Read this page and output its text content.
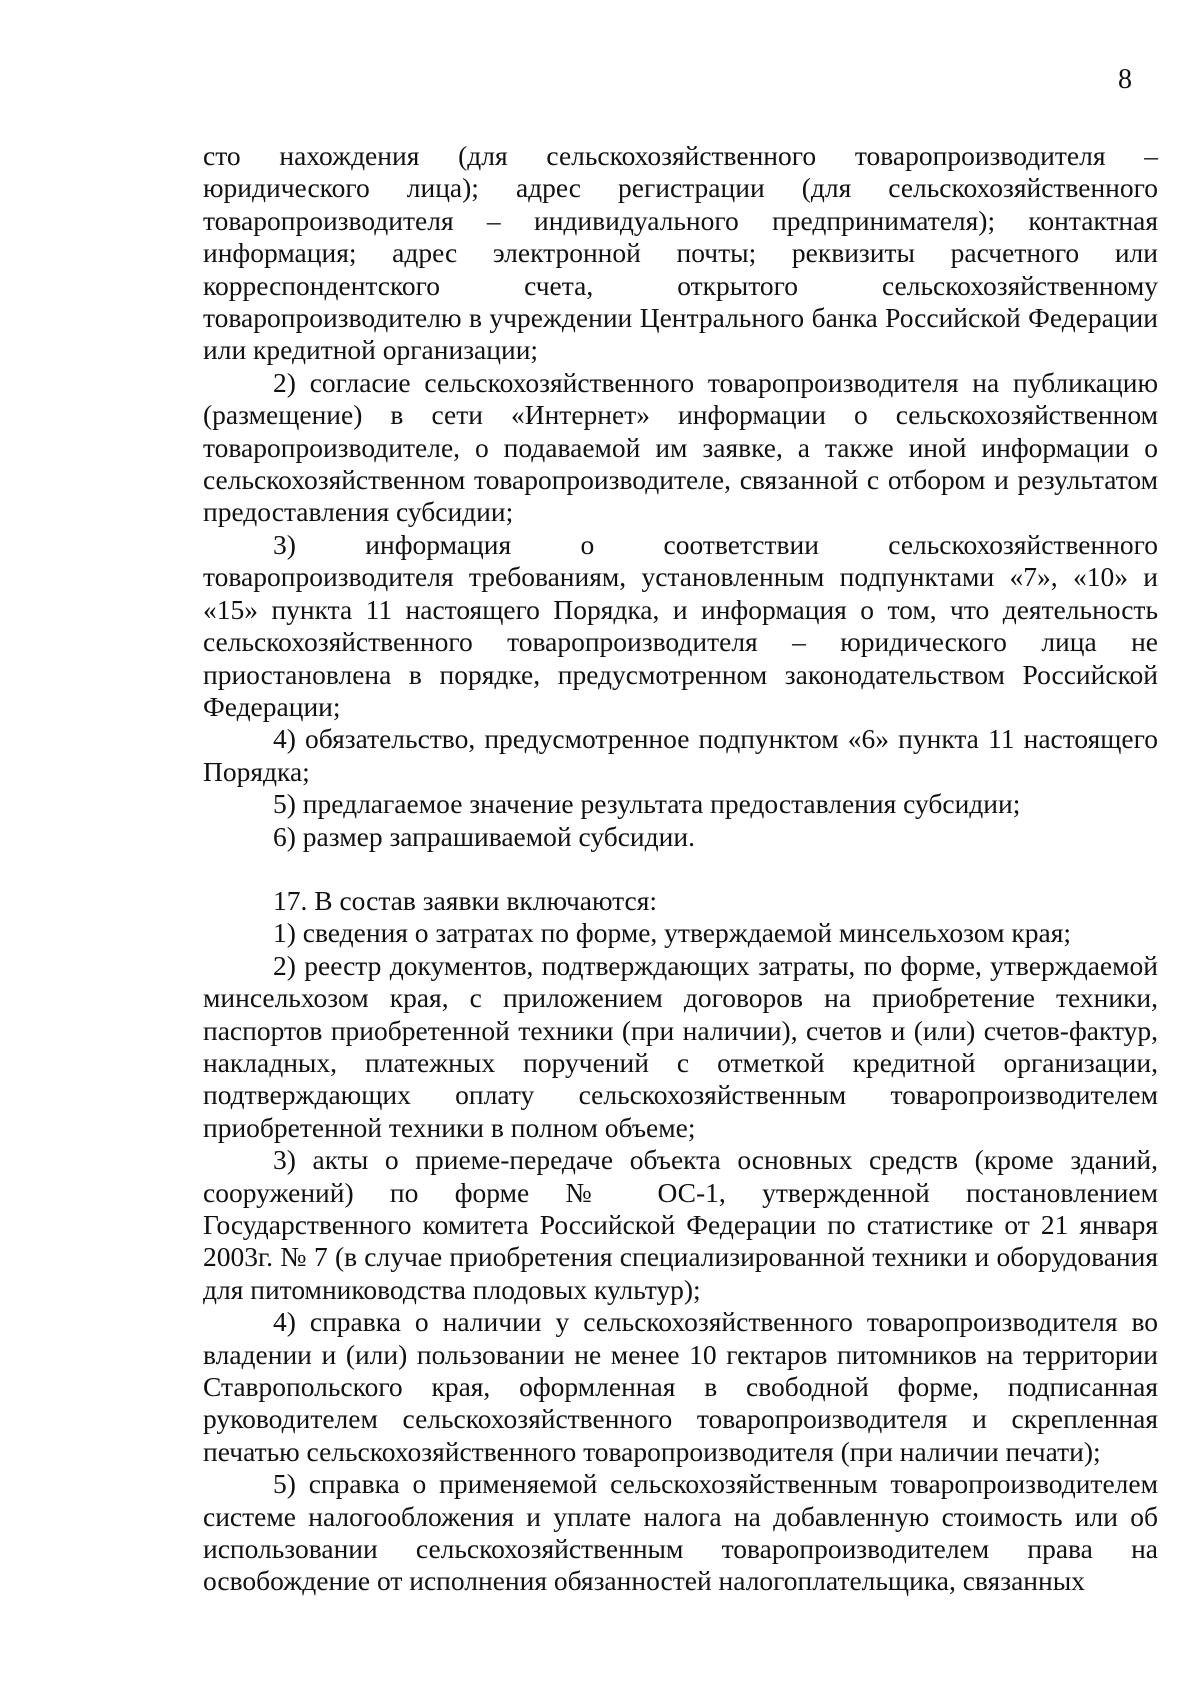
8

сто нахождения (для сельскохозяйственного товаропроизводителя – юридического лица); адрес регистрации (для сельскохозяйственного товаропроизводителя – индивидуального предпринимателя); контактная информация; адрес электронной почты; реквизиты расчетного или корреспондентского счета, открытого сельскохозяйственному товаропроизводителю в учреждении Центрального банка Российской Федерации или кредитной организации;

2) согласие сельскохозяйственного товаропроизводителя на публикацию (размещение) в сети «Интернет» информации о сельскохозяйственном товаропроизводителе, о подаваемой им заявке, а также иной информации о сельскохозяйственном товаропроизводителе, связанной с отбором и результатом предоставления субсидии;

3) информация о соответствии сельскохозяйственного товаропроизводителя требованиям, установленным подпунктами «7», «10» и «15» пункта 11 настоящего Порядка, и информация о том, что деятельность сельскохозяйственного товаропроизводителя – юридического лица не приостановлена в порядке, предусмотренном законодательством Российской Федерации;

4) обязательство, предусмотренное подпунктом «6» пункта 11 настоящего Порядка;

5) предлагаемое значение результата предоставления субсидии;

6) размер запрашиваемой субсидии.

17. В состав заявки включаются:

1) сведения о затратах по форме, утверждаемой минсельхозом края;

2) реестр документов, подтверждающих затраты, по форме, утверждаемой минсельхозом края, с приложением договоров на приобретение техники, паспортов приобретенной техники (при наличии), счетов и (или) счетов-фактур, накладных, платежных поручений с отметкой кредитной организации, подтверждающих оплату сельскохозяйственным товаропроизводителем приобретенной техники в полном объеме;

3) акты о приеме-передаче объекта основных средств (кроме зданий, сооружений) по форме № ОС-1, утвержденной постановлением Государственного комитета Российской Федерации по статистике от 21 января 2003г. № 7 (в случае приобретения специализированной техники и оборудования для питомниководства плодовых культур);

4) справка о наличии у сельскохозяйственного товаропроизводителя во владении и (или) пользовании не менее 10 гектаров питомников на территории Ставропольского края, оформленная в свободной форме, подписанная руководителем сельскохозяйственного товаропроизводителя и скрепленная печатью сельскохозяйственного товаропроизводителя (при наличии печати);

5) справка о применяемой сельскохозяйственным товаропроизводителем системе налогообложения и уплате налога на добавленную стоимость или об использовании сельскохозяйственным товаропроизводителем права на освобождение от исполнения обязанностей налогоплательщика, связанных
